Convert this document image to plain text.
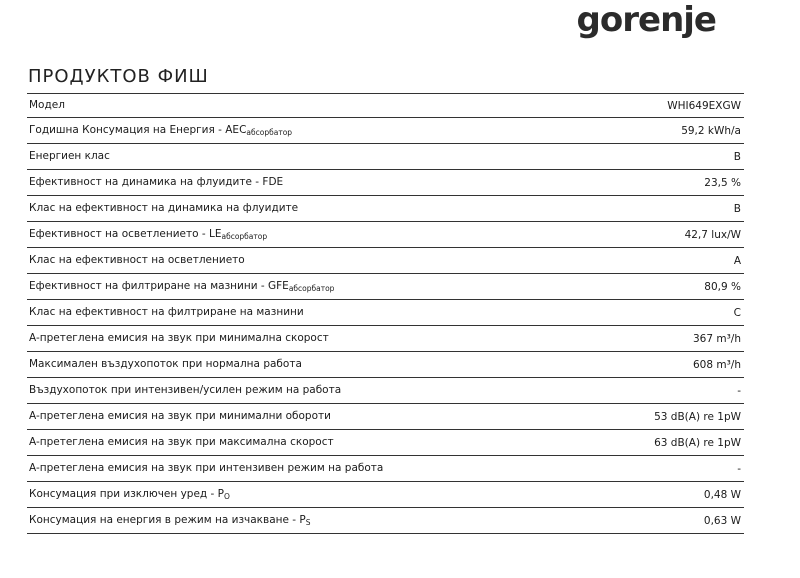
gorenje
ПРОДУКТОВ ФИШ
Модел	WHI649EXGW
Годишна Консумация на Енергия - $AEC_{абсорбатор}$	59,2 kWh/a
Енергиен клас	B
Ефективност на динамика на флуидите - FDE	23,5 %
Клас на ефективност на динамика на флуидите	B
Ефективност на осветлението - $LE_{абсорбатор}$	42,7 lux/W
Клас на ефективност на осветлението	A
Ефективност на филтриране на мазнини - $GFE_{абсорбатор}$	80,9 %
Клас на ефективност на филтриране на мазнини	C
A-претеглена емисия на звук при минимална скорост	367 m³/h
Максимален въздухопоток при нормална работа	608 m³/h
Въздухопоток при интензивен/усилен режим на работа	-
A-претеглена емисия на звук при минимални обороти	53 dB(A) re 1pW
A-претеглена емисия на звук при максимална скорост	63 dB(A) re 1pW
A-претеглена емисия на звук при интензивен режим на работа	-
Консумация при изключен уред - $P_O$	0,48 W
Консумация на енергия в режим на изчакване - $P_S$	0,63 W
